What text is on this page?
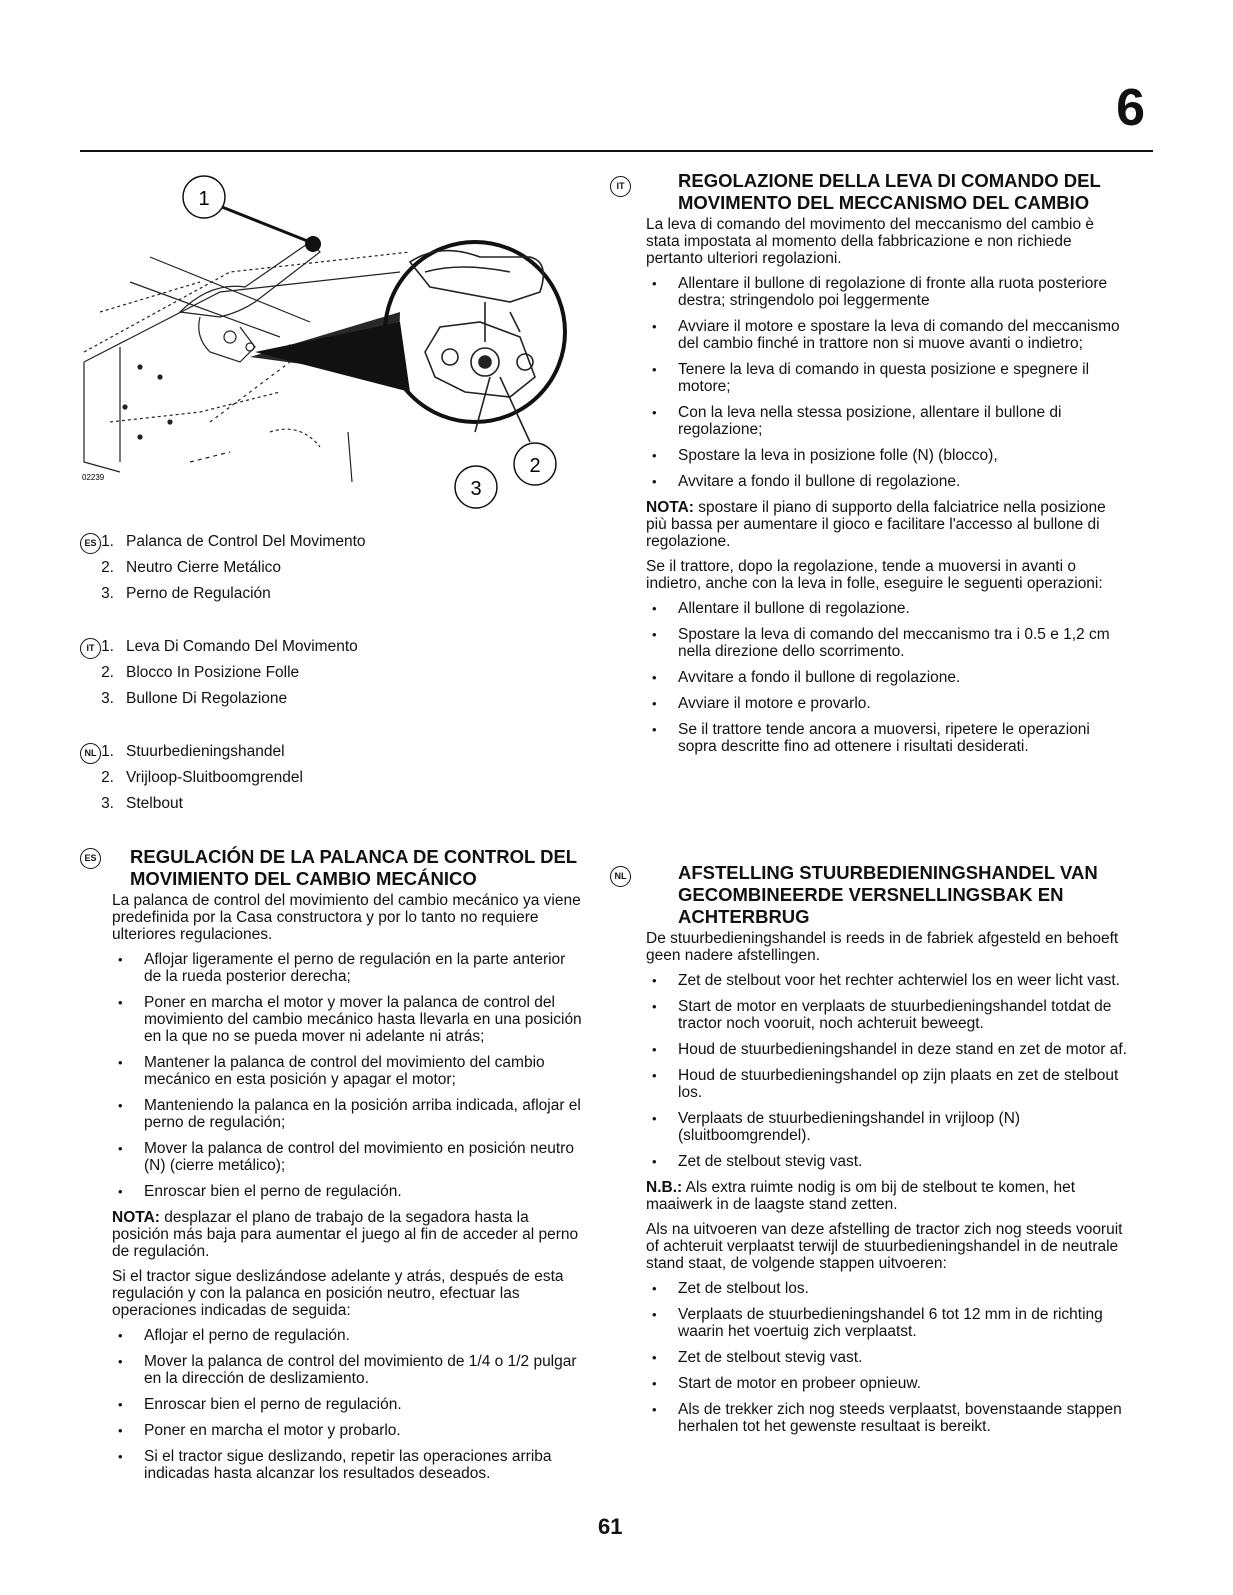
6
1
2
3
02239
ES 1. Palanca de Control Del Movimento
2. Neutro Cierre Metálico
3. Perno de Regulación
IT 1. Leva Di Comando Del Movimento
2. Blocco In Posizione Folle
3. Bullone Di Regolazione
NL 1. Stuurbedieningshandel
2. Vrijloop-Sluitboomgrendel
3. Stelbout
ES	REGULACIÓN DE LA PALANCA DE CONTROL DEL MOVIMIENTO DEL CAMBIO MECÁNICO

La palanca de control del movimiento del cambio mecánico ya viene predefinida por la Casa constructora y por lo tanto no requiere ulteriores regulaciones.

• Aflojar ligeramente el perno de regulación en la parte anterior de la rueda posterior derecha;
• Poner en marcha el motor y mover la palanca de control del movimiento del cambio mecánico hasta llevarla en una posición en la que no se pueda mover ni adelante ni atrás;
• Mantener la palanca de control del movimiento del cambio mecánico en esta posición y apagar el motor;
• Manteniendo la palanca en la posición arriba indicada, aflojar el perno de regulación;
• Mover la palanca de control del movimiento en posición neutro (N) (cierre metálico);
• Enroscar bien el perno de regulación.

NOTA: desplazar el plano de trabajo de la segadora hasta la posición más baja para aumentar el juego al fin de acceder al perno de regulación.

Si el tractor sigue deslizándose adelante y atrás, después de esta regulación y con la palanca en posición neutro, efectuar las operaciones indicadas de seguida:

• Aflojar el perno de regulación.
• Mover la palanca de control del movimiento de 1/4 o 1/2 pulgar en la dirección de deslizamiento.
• Enroscar bien el perno de regulación.
• Poner en marcha el motor y probarlo.
• Si el tractor sigue deslizando, repetir las operaciones arriba indicadas hasta alcanzar los resultados deseados.
IT	REGOLAZIONE DELLA LEVA DI COMANDO DEL MOVIMENTO DEL MECCANISMO DEL CAMBIO

La leva di comando del movimento del meccanismo del cambio è stata impostata al momento della fabbricazione e non richiede pertanto ulteriori regolazioni.

• Allentare il bullone di regolazione di fronte alla ruota posteriore destra; stringendolo poi leggermente
• Avviare il motore e spostare la leva di comando del meccanismo del cambio finché in trattore non si muove avanti o indietro;
• Tenere la leva di comando in questa posizione e spegnere il motore;
• Con la leva nella stessa posizione, allentare il bullone di regolazione;
• Spostare la leva in posizione folle (N) (blocco),
• Avvitare a fondo il bullone di regolazione.

NOTA: spostare il piano di supporto della falciatrice nella posizione più bassa per aumentare il gioco e facilitare l'accesso al bullone di regolazione.

Se il trattore, dopo la regolazione, tende a muoversi in avanti o indietro, anche con la leva in folle, eseguire le seguenti operazioni:

• Allentare il bullone di regolazione.
• Spostare la leva di comando del meccanismo tra i 0.5 e 1,2 cm nella direzione dello scorrimento.
• Avvitare a fondo il bullone di regolazione.
• Avviare il motore e provarlo.
• Se il trattore tende ancora a muoversi, ripetere le operazioni sopra descritte fino ad ottenere i risultati desiderati.
NL	AFSTELLING STUURBEDIENINGSHANDEL VAN GECOMBINEERDE VERSNELLINGSBAK EN ACHTERBRUG

De stuurbedieningshandel is reeds in de fabriek afgesteld en behoeft geen nadere afstellingen.

• Zet de stelbout voor het rechter achterwiel los en weer licht vast.
• Start de motor en verplaats de stuurbedieningshandel totdat de tractor noch vooruit, noch achteruit beweegt.
• Houd de stuurbedieningshandel in deze stand en zet de motor af.
• Houd de stuurbedieningshandel op zijn plaats en zet de stelbout los.
• Verplaats de stuurbedieningshandel in vrijloop (N) (sluitboomgrendel).
• Zet de stelbout stevig vast.

N.B.: Als extra ruimte nodig is om bij de stelbout te komen, het maaiwerk in de laagste stand zetten.

Als na uitvoeren van deze afstelling de tractor zich nog steeds vooruit of achteruit verplaatst terwijl de stuurbedieningshandel in de neutrale stand staat, de volgende stappen uitvoeren:

• Zet de stelbout los.
• Verplaats de stuurbedieningshandel 6 tot 12 mm in de richting waarin het voertuig zich verplaatst.
• Zet de stelbout stevig vast.
• Start de motor en probeer opnieuw.
• Als de trekker zich nog steeds verplaatst, bovenstaande stappen herhalen tot het gewenste resultaat is bereikt.
61
